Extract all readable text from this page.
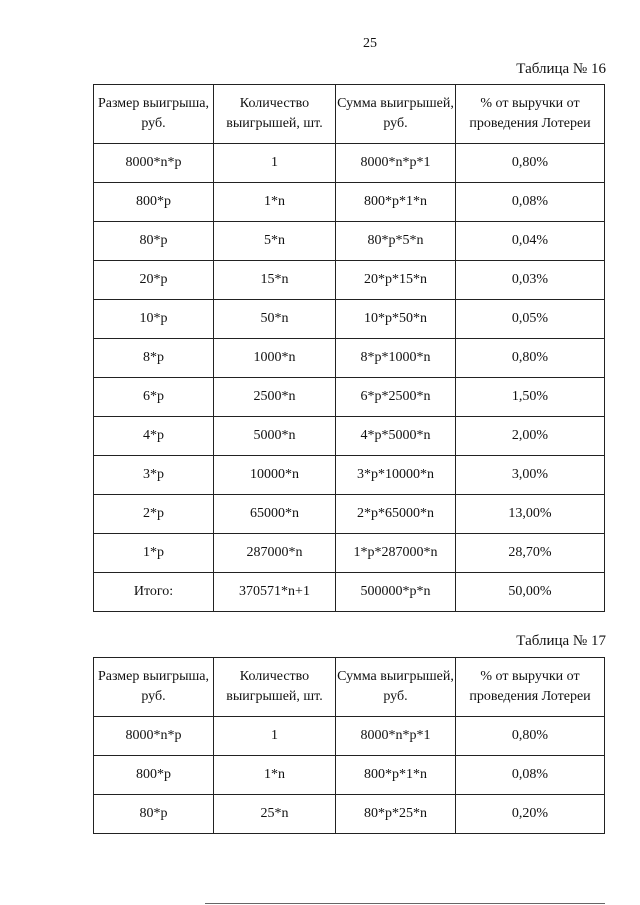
25
Таблица № 16
Размер выигрыша, руб.	Количество выигрышей, шт.	Сумма выигрышей, руб.	% от выручки от проведения Лотереи
8000*n*p	1	8000*n*p*1	0,80%
800*p	1*n	800*p*1*n	0,08%
80*p	5*n	80*p*5*n	0,04%
20*p	15*n	20*p*15*n	0,03%
10*p	50*n	10*p*50*n	0,05%
8*p	1000*n	8*p*1000*n	0,80%
6*p	2500*n	6*p*2500*n	1,50%
4*p	5000*n	4*p*5000*n	2,00%
3*p	10000*n	3*p*10000*n	3,00%
2*p	65000*n	2*p*65000*n	13,00%
1*p	287000*n	1*p*287000*n	28,70%
Итого:	370571*n+1	500000*p*n	50,00%
Таблица № 17
Размер выигрыша, руб.	Количество выигрышей, шт.	Сумма выигрышей, руб.	% от выручки от проведения Лотереи
8000*n*p	1	8000*n*p*1	0,80%
800*p	1*n	800*p*1*n	0,08%
80*p	25*n	80*p*25*n	0,20%
